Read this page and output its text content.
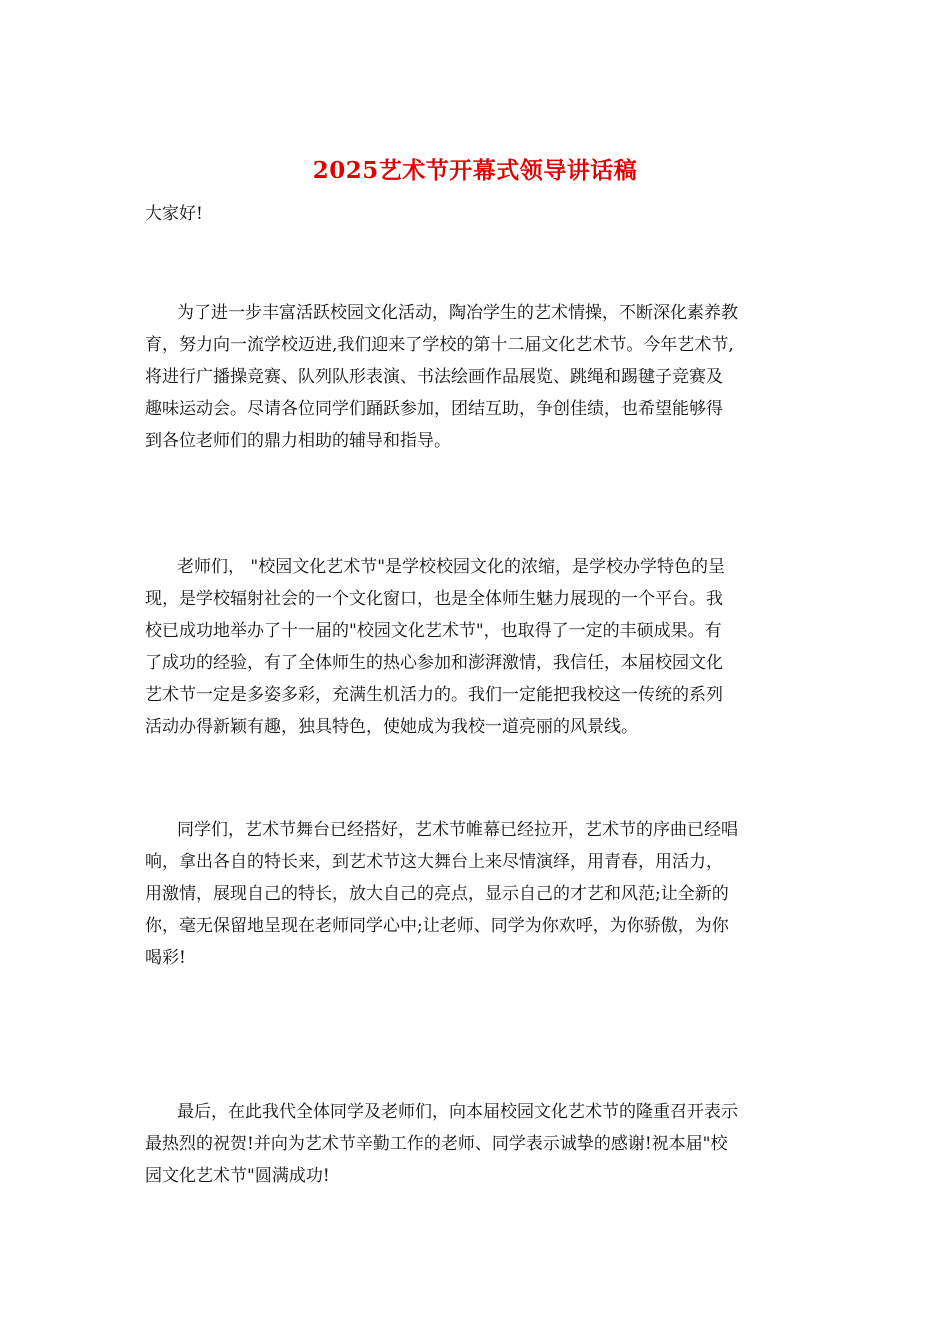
2025艺术节开幕式领导讲话稿

大家好!

为了进一步丰富活跃校园文化活动，陶冶学生的艺术情操，不断深化素养教
育，努力向一流学校迈进,我们迎来了学校的第十二届文化艺术节。今年艺术节,
将进行广播操竞赛、队列队形表演、书法绘画作品展览、跳绳和踢毽子竞赛及
趣味运动会。尽请各位同学们踊跃参加，团结互助，争创佳绩，也希望能够得
到各位老师们的鼎力相助的辅导和指导。
老师们， "校园文化艺术节"是学校校园文化的浓缩，是学校办学特色的呈
现，是学校辐射社会的一个文化窗口，也是全体师生魅力展现的一个平台。我
校已成功地举办了十一届的"校园文化艺术节"，也取得了一定的丰硕成果。有
了成功的经验，有了全体师生的热心参加和澎湃激情，我信任，本届校园文化
艺术节一定是多姿多彩，充满生机活力的。我们一定能把我校这一传统的系列
活动办得新颖有趣，独具特色，使她成为我校一道亮丽的风景线。
同学们，艺术节舞台已经搭好，艺术节帷幕已经拉开，艺术节的序曲已经唱
响，拿出各自的特长来，到艺术节这大舞台上来尽情演绎，用青春，用活力，
用激情，展现自己的特长，放大自己的亮点，显示自己的才艺和风范;让全新的
你，毫无保留地呈现在老师同学心中;让老师、同学为你欢呼，为你骄傲，为你
喝彩!
最后，在此我代全体同学及老师们，向本届校园文化艺术节的隆重召开表示
最热烈的祝贺!并向为艺术节辛勤工作的老师、同学表示诚挚的感谢!祝本届"校
园文化艺术节"圆满成功!
